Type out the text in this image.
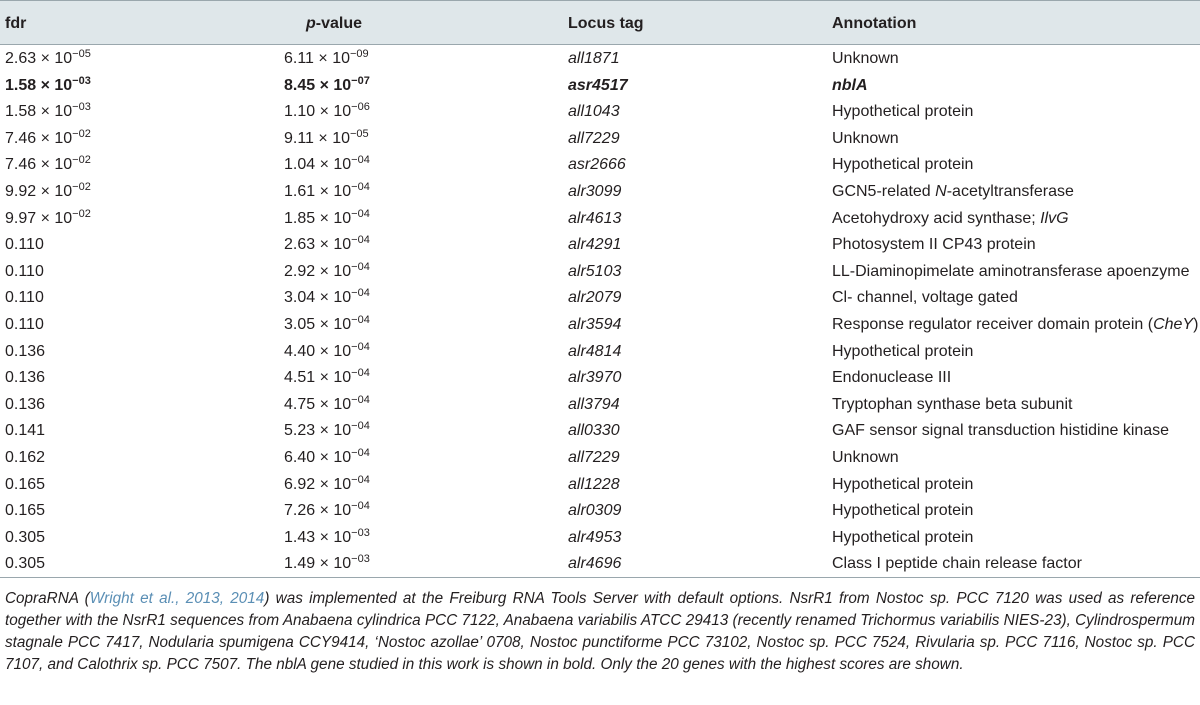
fdr	p-value	Locus tag	Annotation
$2.63 \times 10^{-05}$	$6.11 \times 10^{-09}$	all1871	Unknown
$1.58 \times 10^{-03}$	$8.45 \times 10^{-07}$	asr4517	nblA
$1.58 \times 10^{-03}$	$1.10 \times 10^{-06}$	all1043	Hypothetical protein
$7.46 \times 10^{-02}$	$9.11 \times 10^{-05}$	all7229	Unknown
$7.46 \times 10^{-02}$	$1.04 \times 10^{-04}$	asr2666	Hypothetical protein
$9.92 \times 10^{-02}$	$1.61 \times 10^{-04}$	alr3099	GCN5-related N-acetyltransferase
$9.97 \times 10^{-02}$	$1.85 \times 10^{-04}$	alr4613	Acetohydroxy acid synthase; IlvG
0.110	$2.63 \times 10^{-04}$	alr4291	Photosystem II CP43 protein
0.110	$2.92 \times 10^{-04}$	alr5103	LL-Diaminopimelate aminotransferase apoenzyme
0.110	$3.04 \times 10^{-04}$	alr2079	Cl- channel, voltage gated
0.110	$3.05 \times 10^{-04}$	alr3594	Response regulator receiver domain protein (CheY)
0.136	$4.40 \times 10^{-04}$	alr4814	Hypothetical protein
0.136	$4.51 \times 10^{-04}$	alr3970	Endonuclease III
0.136	$4.75 \times 10^{-04}$	all3794	Tryptophan synthase beta subunit
0.141	$5.23 \times 10^{-04}$	all0330	GAF sensor signal transduction histidine kinase
0.162	$6.40 \times 10^{-04}$	all7229	Unknown
0.165	$6.92 \times 10^{-04}$	all1228	Hypothetical protein
0.165	$7.26 \times 10^{-04}$	alr0309	Hypothetical protein
0.305	$1.43 \times 10^{-03}$	alr4953	Hypothetical protein
0.305	$1.49 \times 10^{-03}$	alr4696	Class I peptide chain release factor
CopraRNA (Wright et al., 2013, 2014) was implemented at the Freiburg RNA Tools Server with default options. NsrR1 from Nostoc sp. PCC 7120 was used as reference together with the NsrR1 sequences from Anabaena cylindrica PCC 7122, Anabaena variabilis ATCC 29413 (recently renamed Trichormus variabilis NIES-23), Cylindrospermum stagnale PCC 7417, Nodularia spumigena CCY9414, ‘Nostoc azollae’ 0708, Nostoc punctiforme PCC 73102, Nostoc sp. PCC 7524, Rivularia sp. PCC 7116, Nostoc sp. PCC 7107, and Calothrix sp. PCC 7507. The nblA gene studied in this work is shown in bold. Only the 20 genes with the highest scores are shown.
